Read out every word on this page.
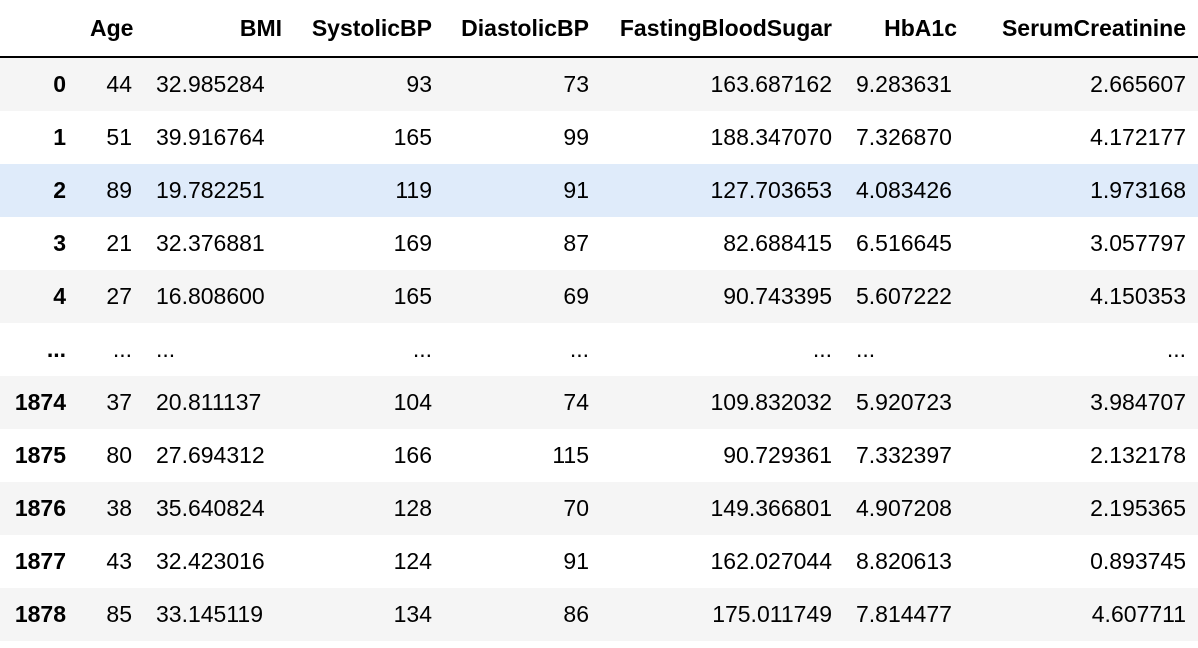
	Age	BMI	SystolicBP	DiastolicBP	FastingBloodSugar	HbA1c	SerumCreatinine
0	44	32.985284	93	73	163.687162	9.283631	2.665607
1	51	39.916764	165	99	188.347070	7.326870	4.172177
2	89	19.782251	119	91	127.703653	4.083426	1.973168
3	21	32.376881	169	87	82.688415	6.516645	3.057797
4	27	16.808600	165	69	90.743395	5.607222	4.150353
...	...	...	...	...	...	...	...
1874	37	20.811137	104	74	109.832032	5.920723	3.984707
1875	80	27.694312	166	115	90.729361	7.332397	2.132178
1876	38	35.640824	128	70	149.366801	4.907208	2.195365
1877	43	32.423016	124	91	162.027044	8.820613	0.893745
1878	85	33.145119	134	86	175.011749	7.814477	4.607711
